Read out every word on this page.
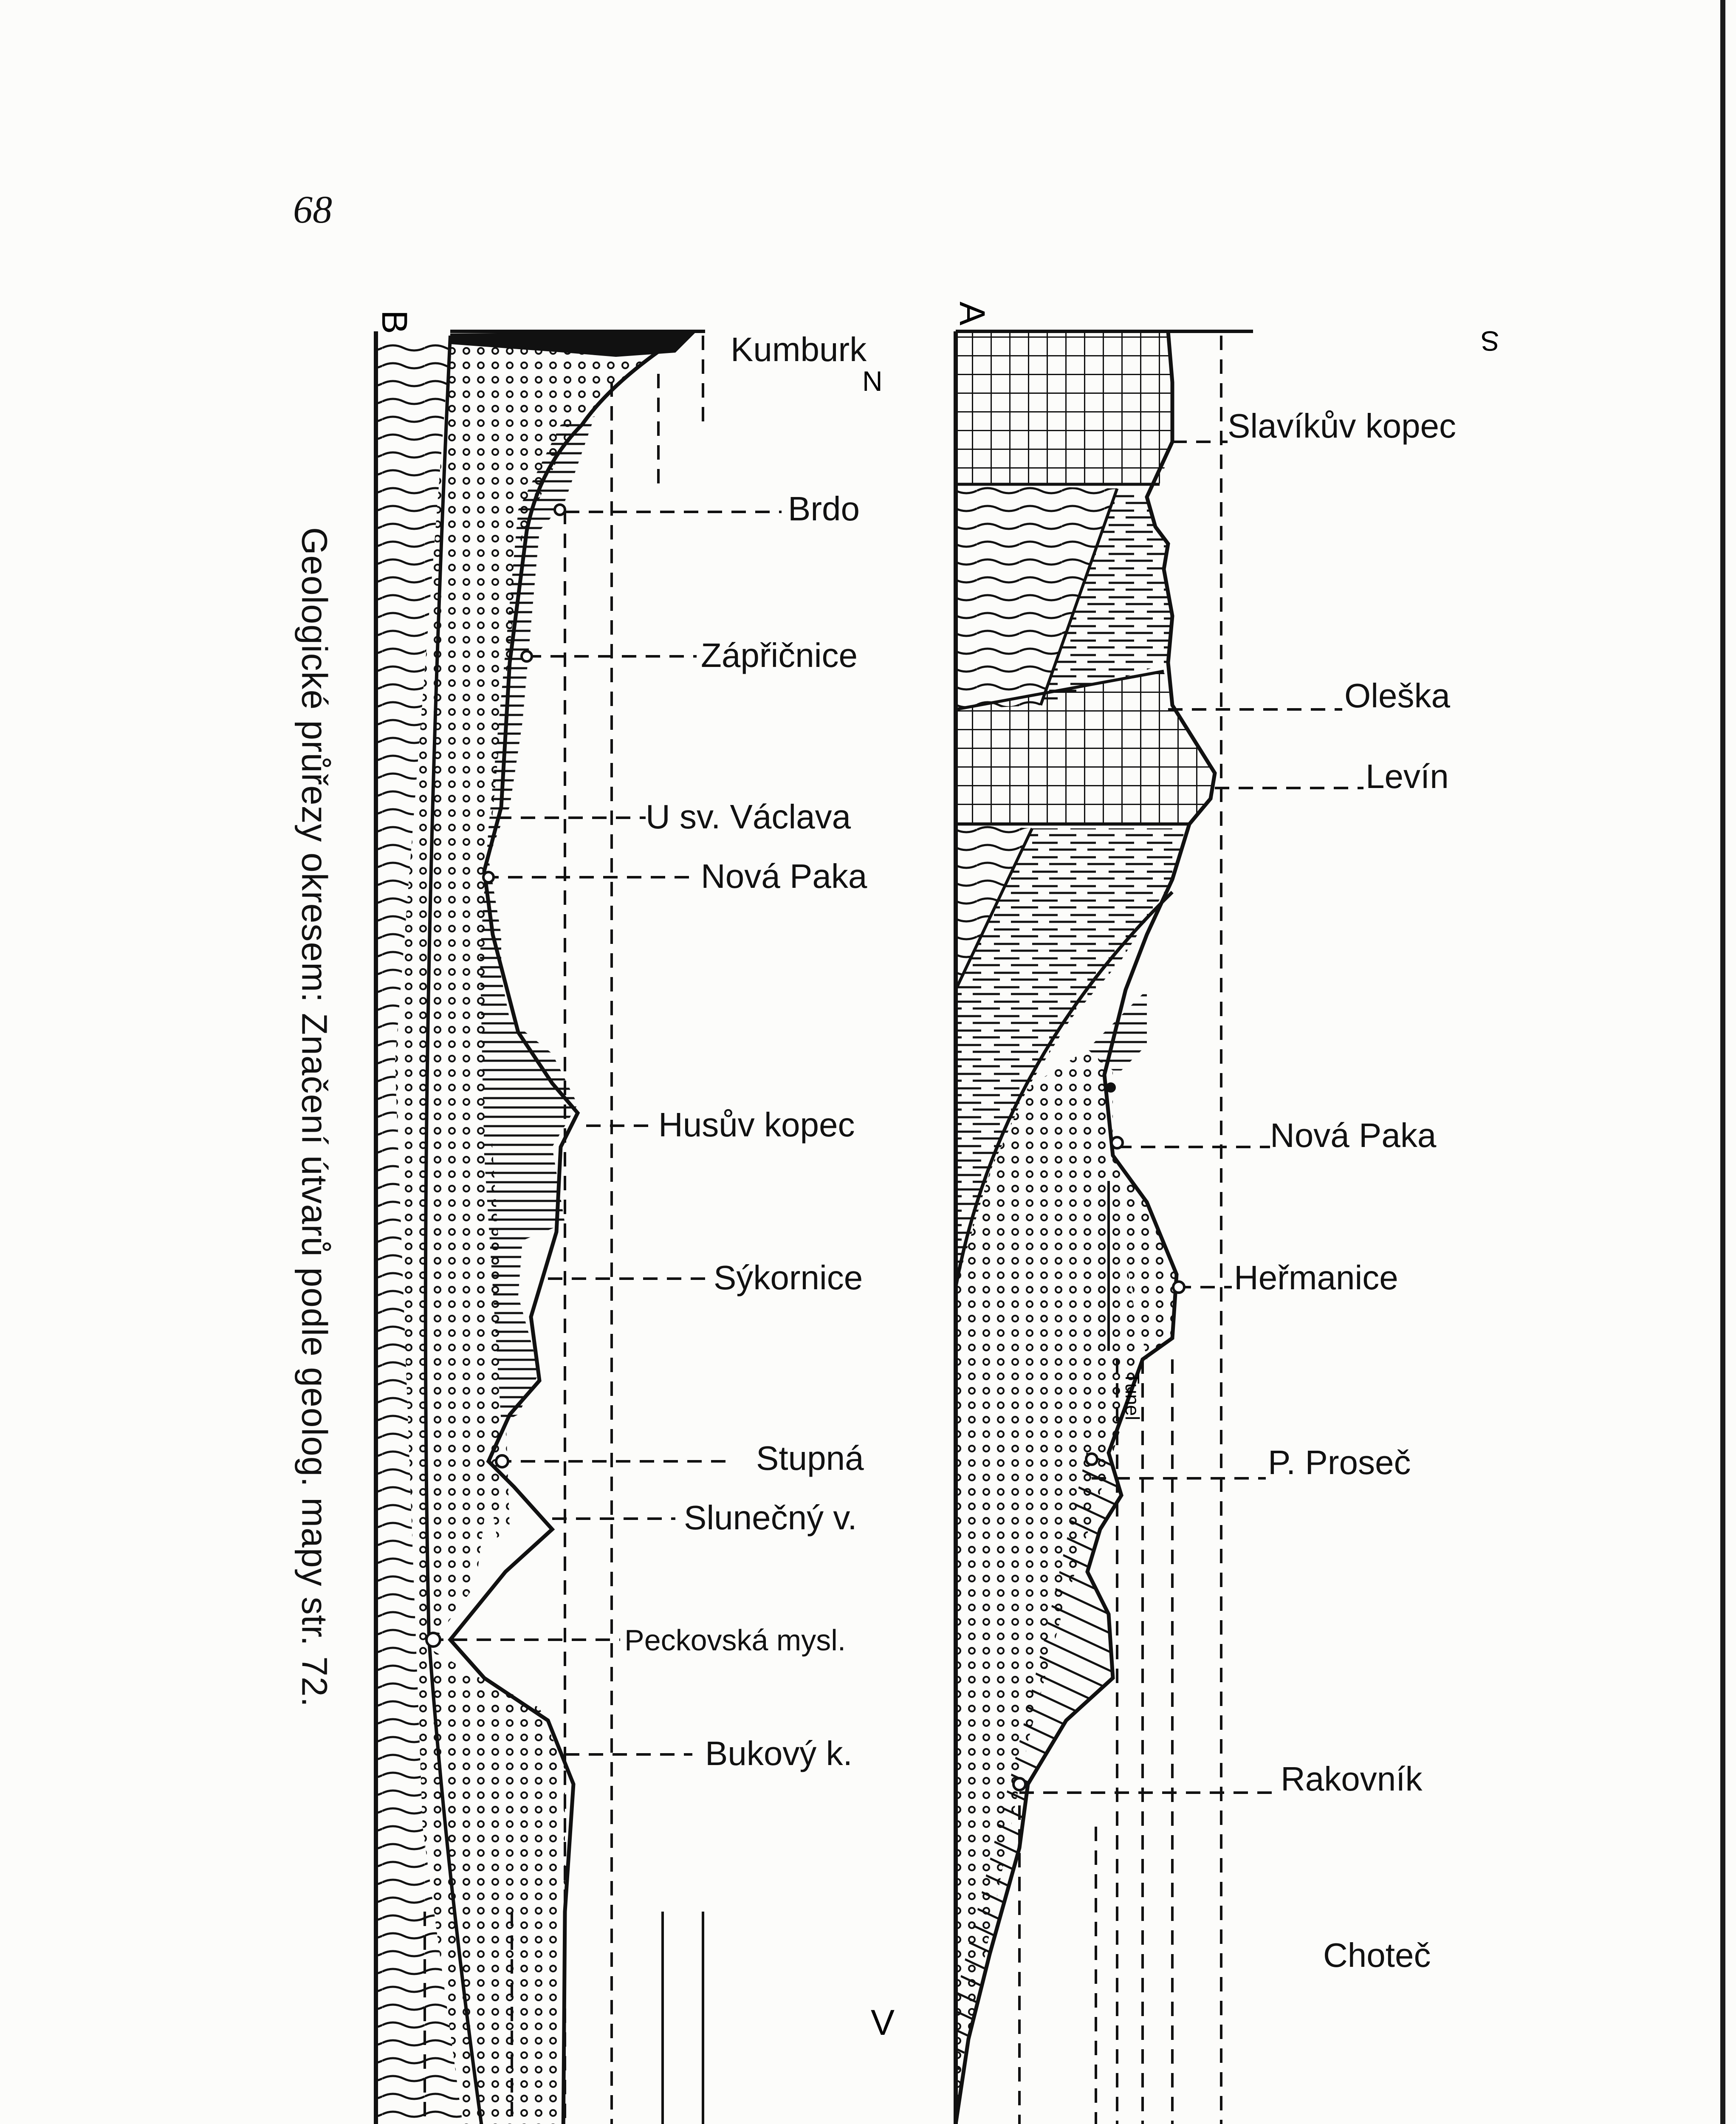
68
Geologické průřezy okresem: Značení útvarů podle geolog. mapy str. 72.
B
N
V
Kumburk
Brdo
Zápřičnice
U sv. Václava
Nová Paka
Husův kopec
Sýkornice
Stupná
Slunečný v.
Peckovská mysl.
Bukový k.
A
S
Slavíkův kopec
Oleška
Levín
Nová Paka
Heřmanice
P. Proseč
Rakovník
Choteč
Tunel
